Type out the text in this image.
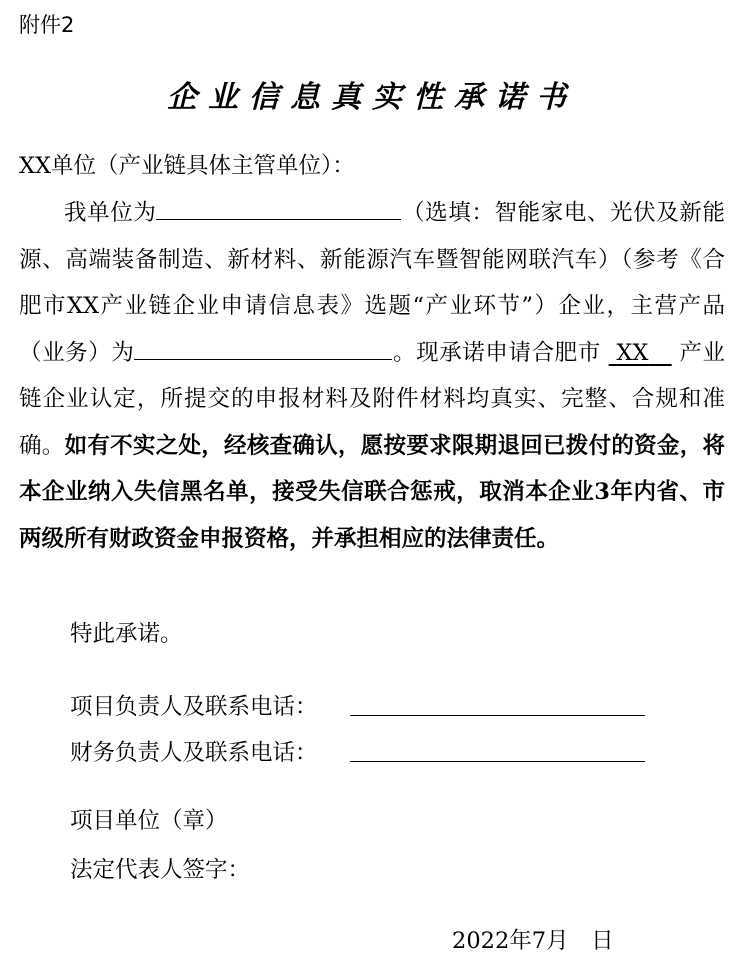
附件2
企业信息真实性承诺书
XX单位（产业链具体主管单位）：
我单位为	（选填：智能家电、光伏及新能源、高端装备制造、新材料、新能源汽车暨智能网联汽车）（参考《合肥市XX产业链企业申请信息表》选题“产业环节”）企业，主营产品（业务）为	。现承诺申请合肥市 XX 产业链企业认定，所提交的申报材料及附件材料均真实、完整、合规和准确。如有不实之处，经核查确认，愿按要求限期退回已拨付的资金，将本企业纳入失信黑名单，接受失信联合惩戒，取消本企业3年内省、市两级所有财政资金申报资格，并承担相应的法律责任。
特此承诺。
项目负责人及联系电话：
财务负责人及联系电话：
项目单位（章）
法定代表人签字：
2022年7月　日
